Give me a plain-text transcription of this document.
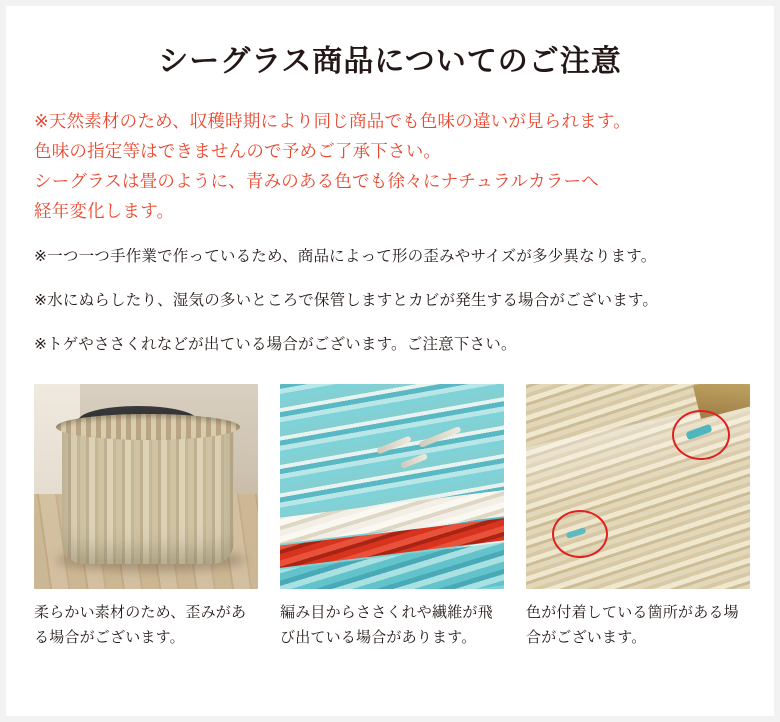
シーグラス商品についてのご注意
※天然素材のため、収穫時期により同じ商品でも色味の違いが見られます。
色味の指定等はできませんので予めご了承下さい。
シーグラスは畳のように、青みのある色でも徐々にナチュラルカラーへ
経年変化します。
※一つ一つ手作業で作っているため、商品によって形の歪みやサイズが多少異なります。
※水にぬらしたり、湿気の多いところで保管しますとカビが発生する場合がございます。
※トゲやささくれなどが出ている場合がございます。ご注意下さい。
柔らかい素材のため、歪みがある場合がございます。
編み目からささくれや繊維が飛び出ている場合があります。
色が付着している箇所がある場合がございます。
